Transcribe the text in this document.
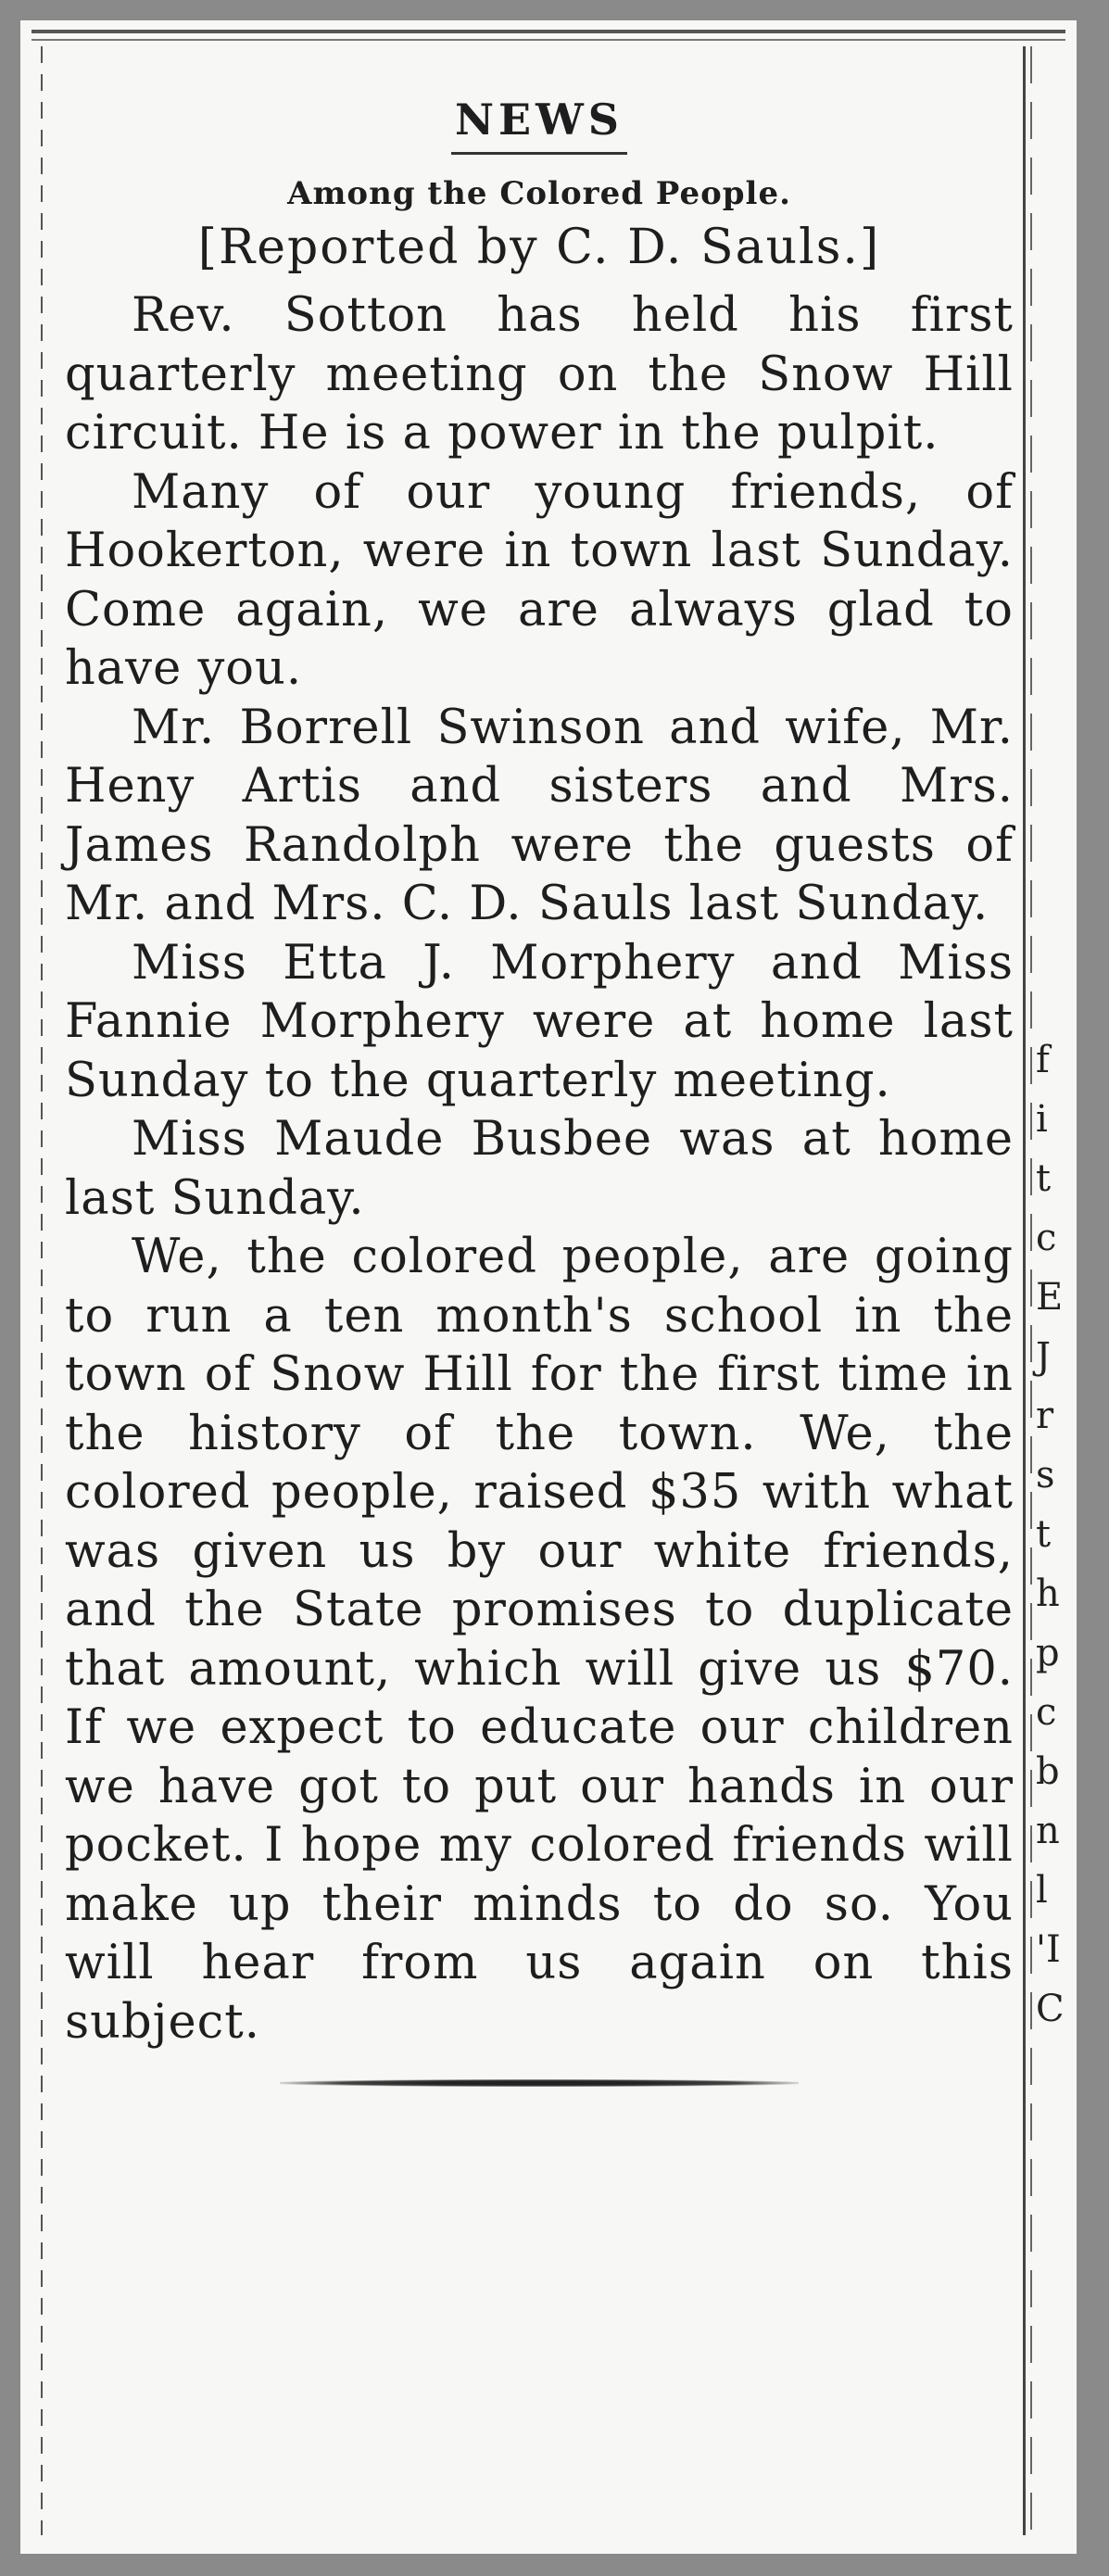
NEWS
Among the Colored People.
[Reported by C. D. Sauls.]

Rev. Sotton has held his first quarterly meeting on the Snow Hill circuit. He is a power in the pulpit.

Many of our young friends, of Hookerton, were in town last Sunday. Come again, we are always glad to have you.

Mr. Borrell Swinson and wife, Mr. Heny Artis and sisters and Mrs. James Randolph were the guests of Mr. and Mrs. C. D. Sauls last Sunday.

Miss Etta J. Morphery and Miss Fannie Morphery were at home last Sunday to the quarterly meeting.

Miss Maude Busbee was at home last Sunday.

We, the colored people, are going to run a ten month's school in the town of Snow Hill for the first time in the history of the town. We, the colored people, raised $35 with what was given us by our white friends, and the State promises to duplicate that amount, which will give us $70. If we expect to educate our children we have got to put our hands in our pocket. I hope my colored friends will make up their minds to do so. You will hear from us again on this subject.

f
i
t
c
E
J
r
s
t
h
p
c
b
n
l
'I
C
